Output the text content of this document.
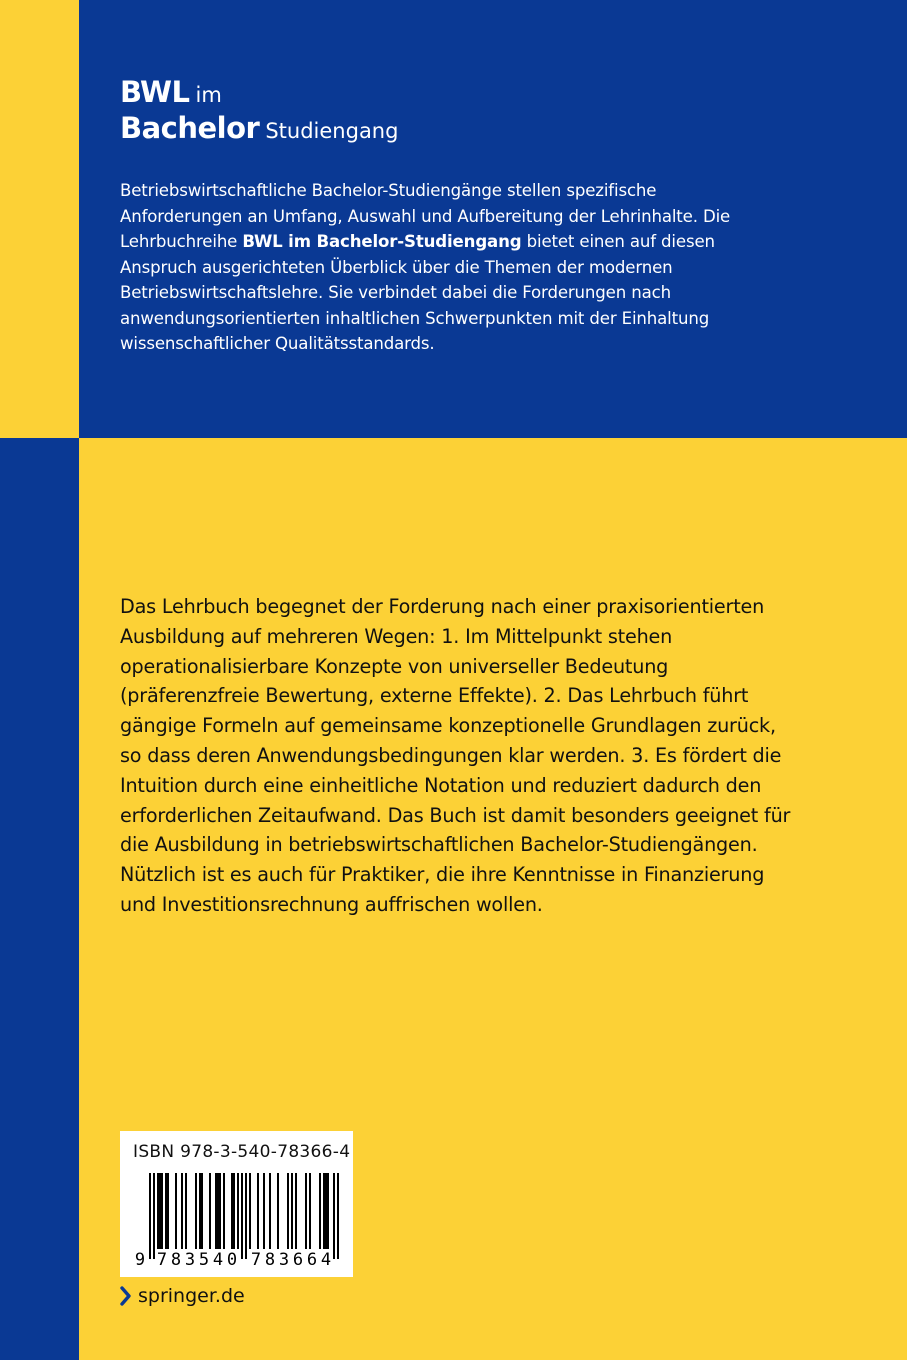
BWL im
Bachelor Studiengang

Betriebswirtschaftliche Bachelor-Studiengänge stellen spezifische Anforderungen an Umfang, Auswahl und Aufbereitung der Lehrinhalte. Die Lehrbuchreihe BWL im Bachelor-Studiengang bietet einen auf diesen Anspruch ausgerichteten Überblick über die Themen der modernen Betriebswirtschaftslehre. Sie verbindet dabei die Forderungen nach anwendungsorientierten inhaltlichen Schwerpunkten mit der Einhaltung wissenschaftlicher Qualitätsstandards.

Das Lehrbuch begegnet der Forderung nach einer praxisorientierten Ausbildung auf mehreren Wegen: 1. Im Mittelpunkt stehen operationalisierbare Konzepte von universeller Bedeutung (präferenzfreie Bewertung, externe Effekte). 2. Das Lehrbuch führt gängige Formeln auf gemeinsame konzeptionelle Grundlagen zurück, so dass deren Anwendungsbedingungen klar werden. 3. Es fördert die Intuition durch eine einheitliche Notation und reduziert dadurch den erforderlichen Zeitaufwand. Das Buch ist damit besonders geeignet für die Ausbildung in betriebswirtschaftlichen Bachelor-Studiengängen. Nützlich ist es auch für Praktiker, die ihre Kenntnisse in Finanzierung und Investitionsrechnung auffrischen wollen.

ISBN 978-3-540-78366-4
9 7 8 3 5 4 0 7 8 3 6 6 4
springer.de
